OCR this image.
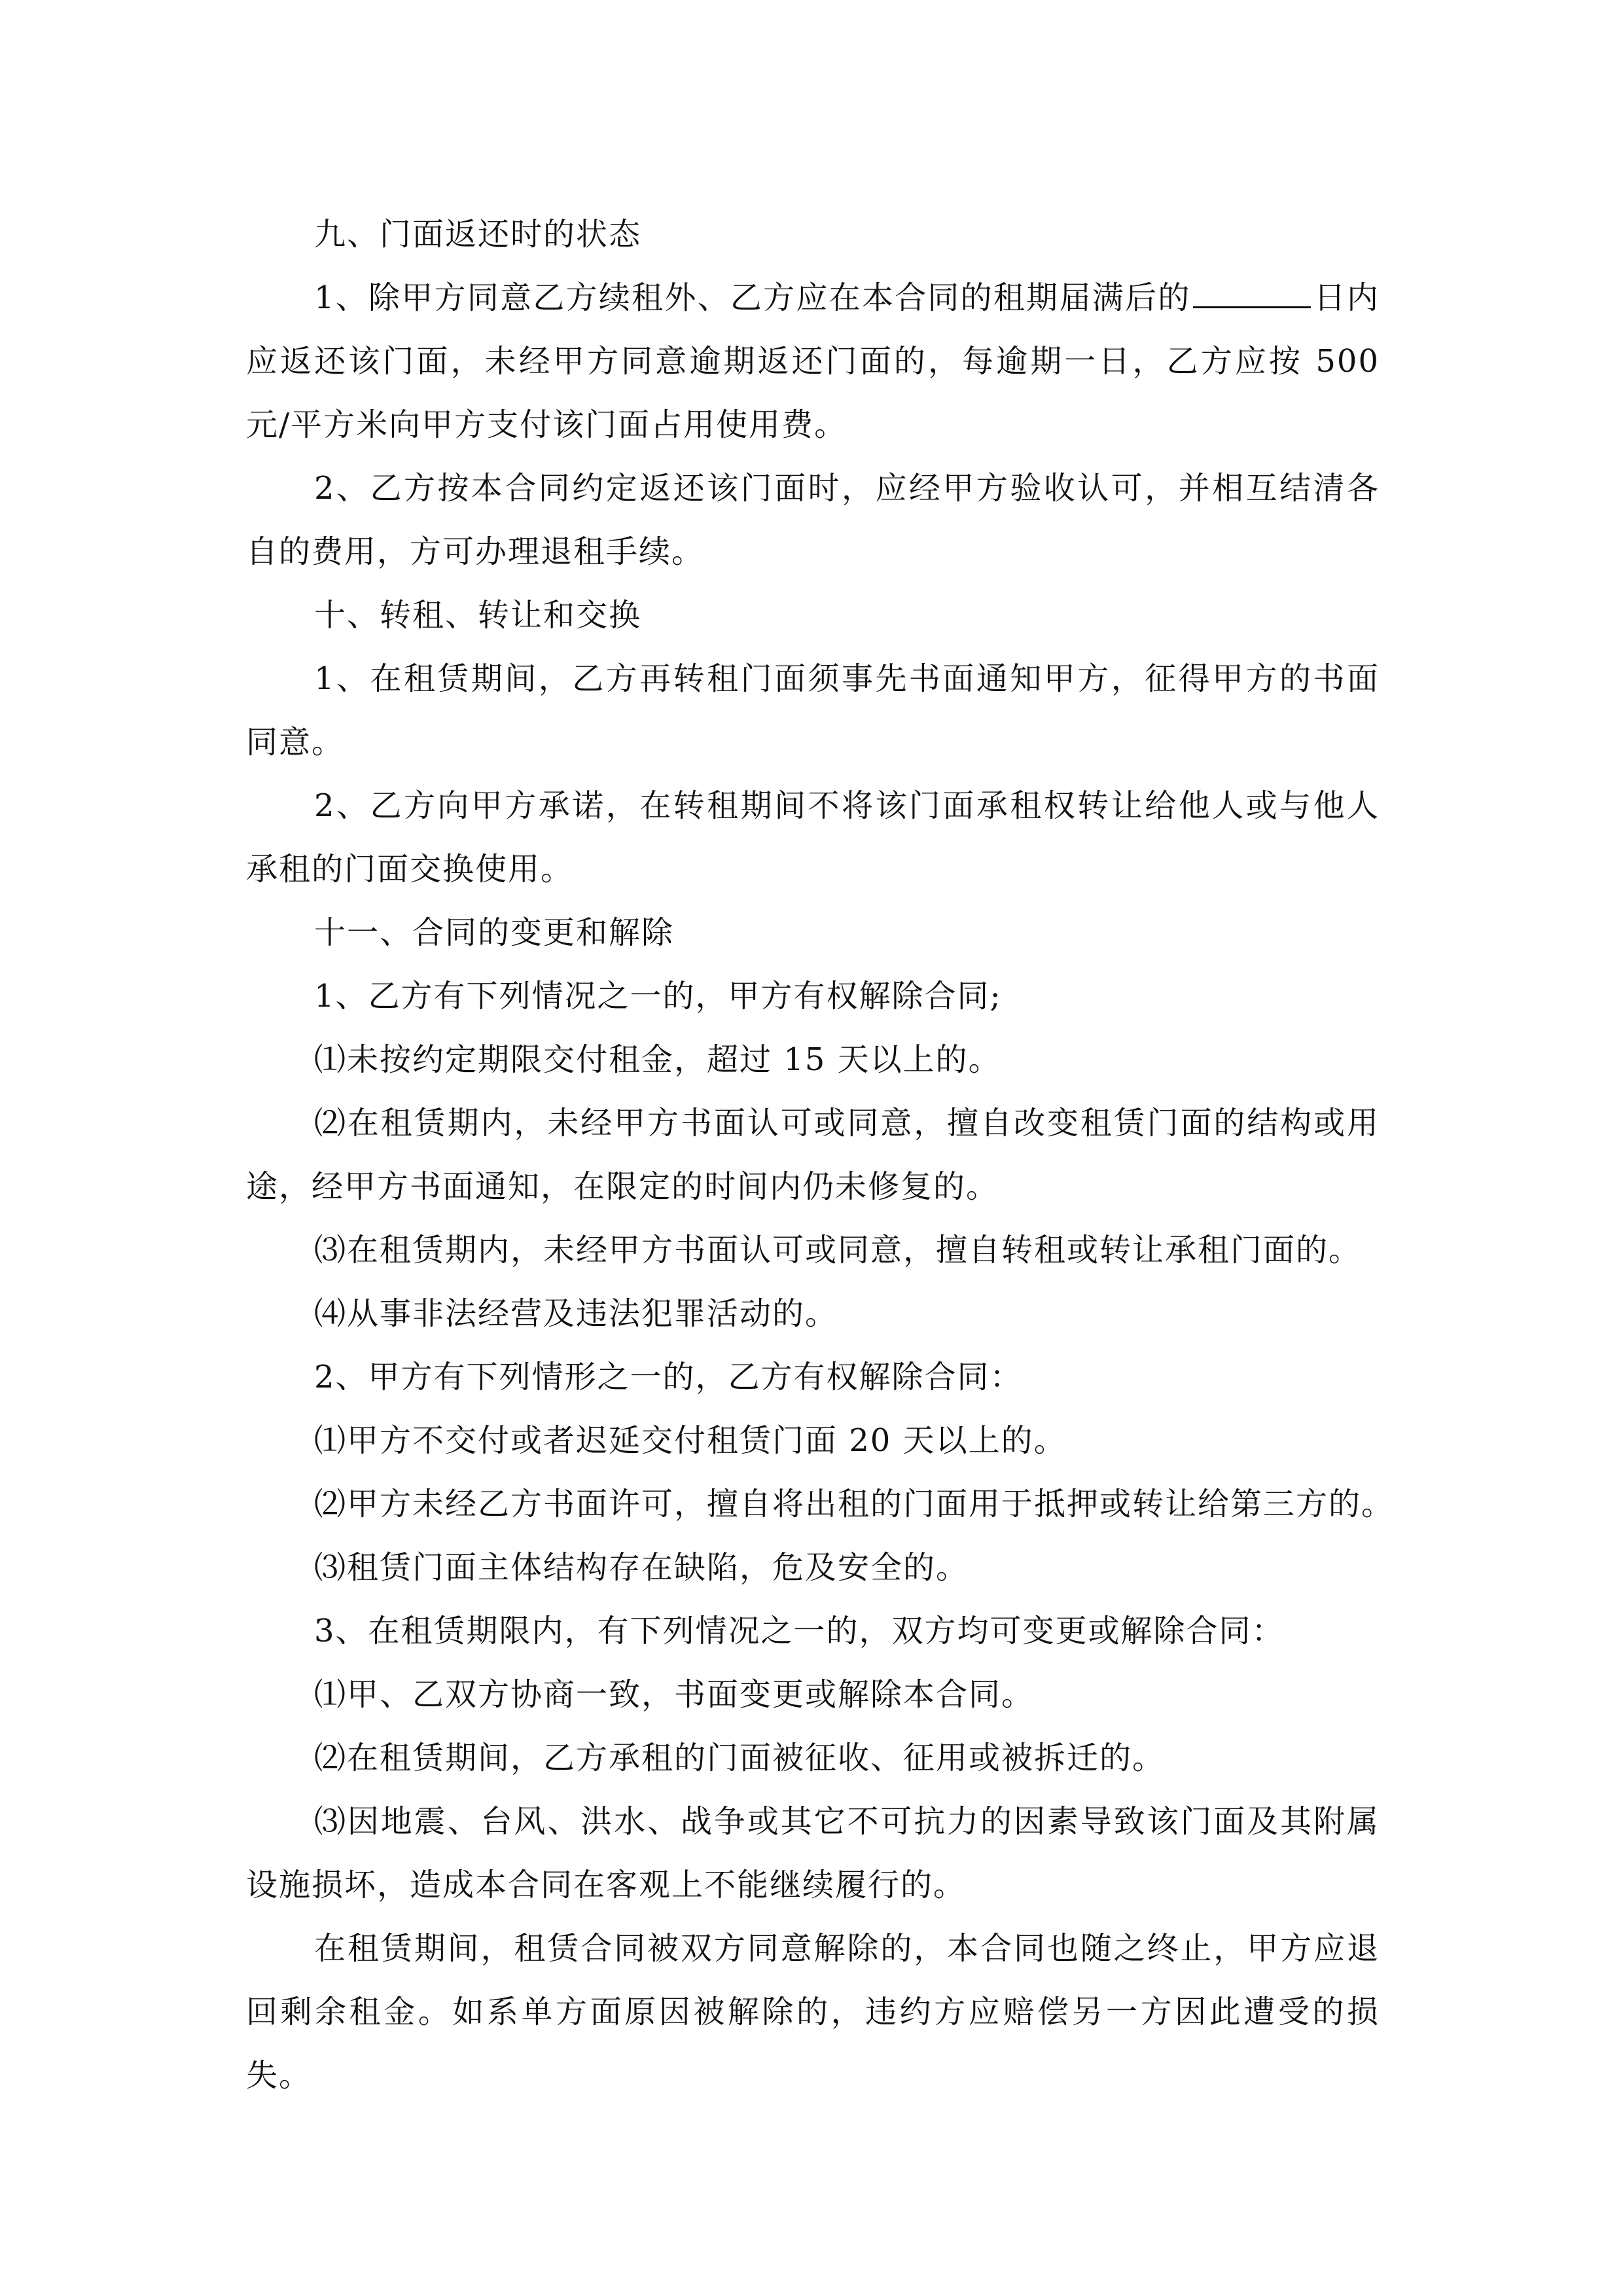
九、门面返还时的状态

1、除甲方同意乙方续租外、乙方应在本合同的租期届满后的	日内应返还该门面，未经甲方同意逾期返还门面的，每逾期一日，乙方应按 500 元/平方米向甲方支付该门面占用使用费。

2、乙方按本合同约定返还该门面时，应经甲方验收认可，并相互结清各自的费用，方可办理退租手续。

十、转租、转让和交换

1、在租赁期间，乙方再转租门面须事先书面通知甲方，征得甲方的书面同意。

2、乙方向甲方承诺，在转租期间不将该门面承租权转让给他人或与他人承租的门面交换使用。

十一、合同的变更和解除

1、乙方有下列情况之一的，甲方有权解除合同;

⑴未按约定期限交付租金，超过 15 天以上的。

⑵在租赁期内，未经甲方书面认可或同意，擅自改变租赁门面的结构或用途，经甲方书面通知，在限定的时间内仍未修复的。

⑶在租赁期内，未经甲方书面认可或同意，擅自转租或转让承租门面的。

⑷从事非法经营及违法犯罪活动的。

2、甲方有下列情形之一的，乙方有权解除合同：

⑴甲方不交付或者迟延交付租赁门面 20 天以上的。

⑵甲方未经乙方书面许可，擅自将出租的门面用于抵押或转让给第三方的。

⑶租赁门面主体结构存在缺陷，危及安全的。

3、在租赁期限内，有下列情况之一的，双方均可变更或解除合同：

⑴甲、乙双方协商一致，书面变更或解除本合同。

⑵在租赁期间，乙方承租的门面被征收、征用或被拆迁的。

⑶因地震、台风、洪水、战争或其它不可抗力的因素导致该门面及其附属设施损坏，造成本合同在客观上不能继续履行的。

在租赁期间，租赁合同被双方同意解除的，本合同也随之终止，甲方应退回剩余租金。如系单方面原因被解除的，违约方应赔偿另一方因此遭受的损失。
